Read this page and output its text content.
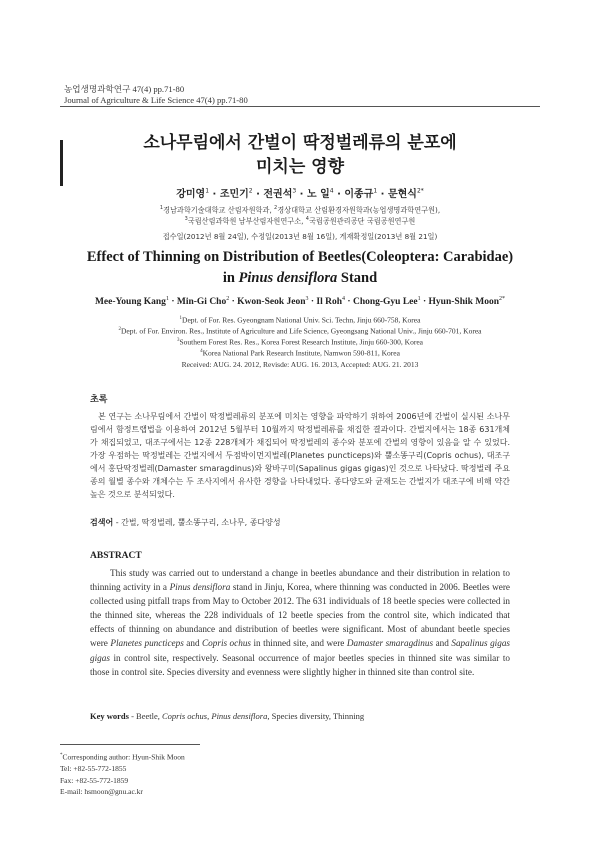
농업생명과학연구 47(4) pp.71-80
Journal of Agriculture & Life Science 47(4) pp.71-80
소나무림에서 간벌이 딱정벌레류의 분포에
미치는 영향
강미영$^1$ · 조민기$^2$ · 전권석$^3$ · 노 일$^4$ · 이종규$^1$ · 문현식$^{2*}$
$^1$경남과학기술대학교 산림자원학과, $^2$경상대학교 산림환경자원학과(농업생명과학연구원),
$^3$국립산림과학원 남부산림자원연구소, $^4$국립공원관리공단 국립공원연구원
접수일(2012년 8월 24일), 수정일(2013년 8월 16일), 게재확정일(2013년 8월 21일)
Effect of Thinning on Distribution of Beetles(Coleoptera: Carabidae)
in Pinus densiflora Stand
Mee-Young Kang$^1$ · Min-Gi Cho$^2$ · Kwon-Seok Jeon$^3$ · Il Roh$^4$ · Chong-Gyu Lee$^1$ · Hyun-Shik Moon$^{2*}$
$^1$Dept. of For. Res. Gyeongnam National Univ. Sci. Techn, Jinju 660-758, Korea
$^2$Dept. of For. Environ. Res., Institute of Agriculture and Life Science, Gyeongsang National Univ., Jinju 660-701, Korea
$^3$Southern Forest Res. Res., Korea Forest Research Institute, Jinju 660-300, Korea
$^4$Korea National Park Research Institute, Namwon 590-811, Korea
Received: AUG. 24. 2012, Revisde: AUG. 16. 2013, Accepted: AUG. 21. 2013
초록

본 연구는 소나무림에서 간벌이 딱정벌레류의 분포에 미치는 영향을 파악하기 위하여 2006년에 간벌이 실시된 소나무림에서 함정트랩법을 이용하여 2012년 5월부터 10월까지 딱정벌레류를 채집한 결과이다. 간벌지에서는 18종 631개체가 채집되었고, 대조구에서는 12종 228개체가 채집되어 딱정벌레의 종수와 분포에 간벌의 영향이 있음을 알 수 있었다. 가장 우점하는 딱정벌레는 간벌지에서 두점박이먼지벌레(Planetes puncticeps)와 뿔소똥구리(Copris ochus), 대조구에서 홍단딱정벌레(Damaster smaragdinus)와 왕바구미(Sapalinus gigas gigas)인 것으로 나타났다. 딱정벌레 주요 종의 월별 종수와 개체수는 두 조사지에서 유사한 경향을 나타내었다. 종다양도와 균재도는 간벌지가 대조구에 비해 약간 높은 것으로 분석되었다.

검색어 - 간벌, 딱정벌레, 뿔소똥구리, 소나무, 종다양성
ABSTRACT

This study was carried out to understand a change in beetles abundance and their distribution in relation to thinning activity in a Pinus densiflora stand in Jinju, Korea, where thinning was conducted in 2006. Beetles were collected using pitfall traps from May to October 2012. The 631 individuals of 18 beetle species were collected in the thinned site, whereas the 228 individuals of 12 beetle species from the control site, which indicated that effects of thinning on abundance and distribution of beetles were significant. Most of abundant beetle species were Planetes puncticeps and Copris ochus in thinned site, and were Damaster smaragdinus and Sapalinus gigas gigas in control site, respectively. Seasonal occurrence of major beetles species in thinned site was similar to those in control site. Species diversity and evenness were slightly higher in thinned site than control site.

Key words - Beetle, Copris ochus, Pinus densiflora, Species diversity, Thinning
*Corresponding author: Hyun-Shik Moon
Tel: +82-55-772-1855
Fax: +82-55-772-1859
E-mail: hsmoon@gnu.ac.kr
